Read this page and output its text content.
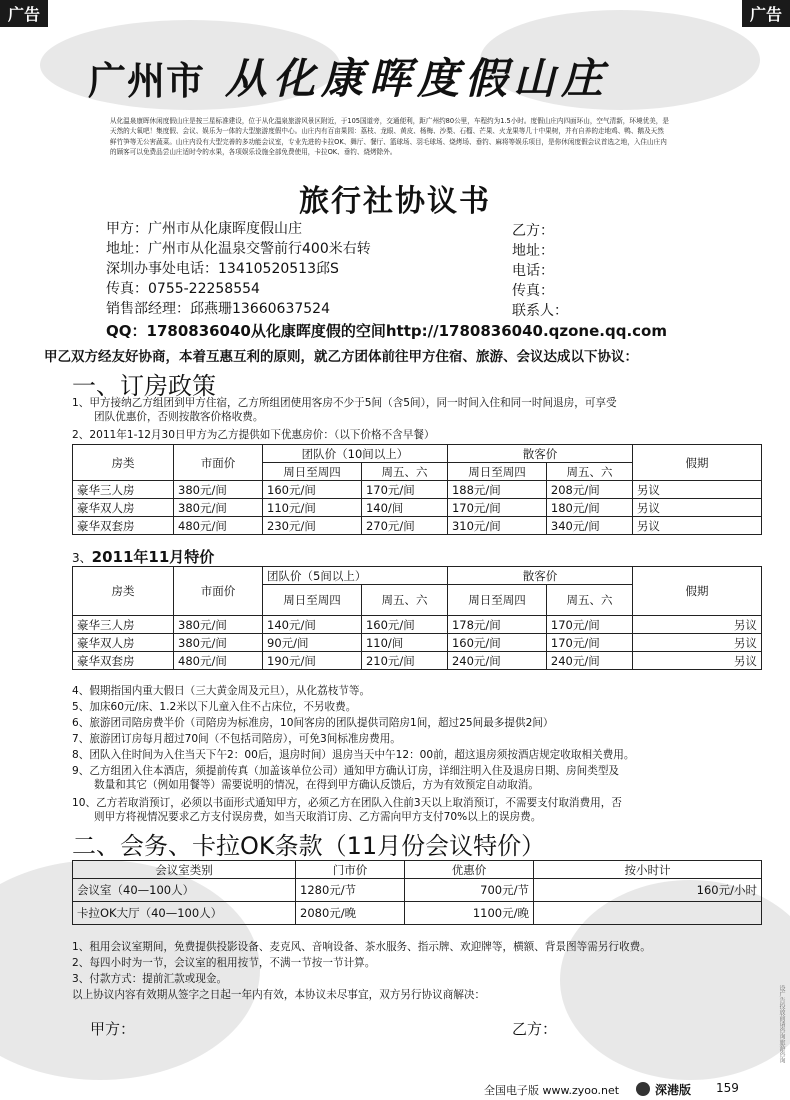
广告	广告
广州市 从化康晖度假山庄
从化温泉康晖休闲度假山庄是按三星标准建设，位于从化温泉旅游风景区附近，于105国道旁，交通便利，距广州约80公里，车程约为1.5小时。度假山庄内四面环山，空气清新，环境优美，是天然的大氧吧！集度假、会议、娱乐为一体的大型旅游度假中心。山庄内有百亩果园：荔枝、龙眼、黄皮、杨梅、沙梨、石榴、芒果、火龙果等几十中果树，并有自养的走地鸡、鸭、鹅及天然鲜竹笋等无公害蔬菜。山庄内设有大型完善的多功能会议室，专业先进的卡拉OK、舞厅、餐厅、篮球场、羽毛球场、烧烤场、垂钓、麻将等娱乐项目，是你休闲度假会议首选之地，入住山庄内的顾客可以免费品尝山庄适时令的水果，各项娱乐设施全部免费使用，卡拉OK、垂钓、烧烤除外。
旅行社协议书
甲方：广州市从化康晖度假山庄
地址：广州市从化温泉交警前行400米右转
深圳办事处电话：13410520513邱S
传真：0755-22258554
销售部经理：邱燕珊13660637524
乙方：
地址：
电话：
传真：
联系人：
QQ：1780836040从化康晖度假的空间http://1780836040.qzone.qq.com
甲乙双方经友好协商，本着互惠互利的原则，就乙方团体前往甲方住宿、旅游、会议达成以下协议：
一、订房政策
1、甲方接纳乙方组团到甲方住宿，乙方所组团使用客房不少于5间（含5间），同一时间入住和同一时间退房，可享受
团队优惠价，否则按散客价格收费。
2、2011年1-12月30日甲方为乙方提供如下优惠房价：（以下价格不含早餐）
房类	市面价	团队价（10间以上）		散客价		假期
		周日至周四	周五、六	周日至周四	周五、六	
豪华三人房	380元/间	160元/间	170元/间	188元/间	208元/间	另议
豪华双人房	380元/间	110元/间	140/间	170元/间	180元/间	另议
豪华双套房	480元/间	230元/间	270元/间	310元/间	340元/间	另议
3、2011年11月特价
房类	市面价	团队价（5间以上）		散客价		假期
		周日至周四	周五、六	周日至周四	周五、六	
豪华三人房	380元/间	140元/间	160元/间	178元/间	170元/间	另议
豪华双人房	380元/间	90元/间	110/间	160元/间	170元/间	另议
豪华双套房	480元/间	190元/间	210元/间	240元/间	240元/间	另议
4、假期指国内重大假日（三大黄金周及元旦），从化荔枝节等。
5、加床60元/床、1.2米以下儿童入住不占床位，不另收费。
6、旅游团司陪房费半价（司陪房为标准房，10间客房的团队提供司陪房1间，超过25间最多提供2间）
7、旅游团订房每月超过70间（不包括司陪房），可免3间标准房费用。
8、团队入住时间为入住当天下午2：00后，退房时间）退房当天中午12：00前，超这退房须按酒店规定收取相关费用。
9、乙方组团入住本酒店，须提前传真（加盖该单位公司）通知甲方确认订房，详细注明入住及退房日期、房间类型及
数量和其它（例如用餐等）需要说明的情况，在得到甲方确认反馈后，方为有效预定自动取消。
10、乙方若取消预订，必须以书面形式通知甲方，必须乙方在团队入住前3天以上取消预订，不需要支付取消费用，否
则甲方将视情况要求乙方支付误房费，如当天取消订房、乙方需向甲方支付70%以上的误房费。
二、会务、卡拉OK条款（11月份会议特价）
会议室类别	门市价	优惠价	按小时计
会议室（40—100人）	1280元/节	700元/节	160元/小时
卡拉OK大厅（40—100人）	2080元/晚	1100元/晚	
1、租用会议室期间，免费提供投影设备、麦克风、音响设备、茶水服务、指示牌、欢迎牌等，横额、背景图等需另行收费。
2、每四小时为一节，会议室的租用按节，不满一节按一节计算。
3、付款方式：提前汇款或现金。
以上协议内容有效期从签字之日起一年内有效，本协议未尽事宜，双方另行协议商解决：
甲方：	乙方：	设广告投放前请咨询旅游咨询
全国电子版 www.zyoo.net	深港版 159
